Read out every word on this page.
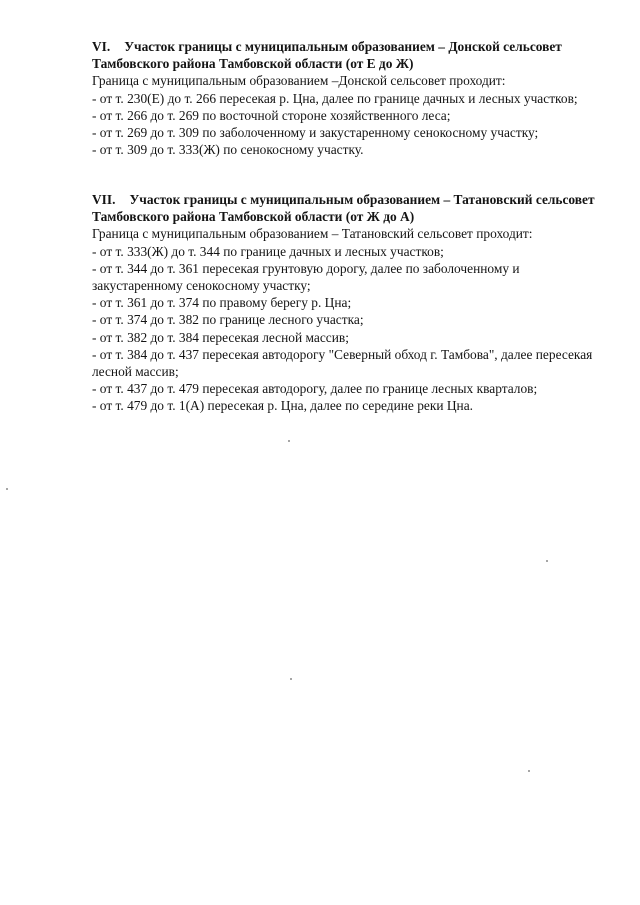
VI. Участок границы с муниципальным образованием – Донской сельсовет Тамбовского района Тамбовской области (от Е до Ж)

Граница с муниципальным образованием –Донской сельсовет проходит:

- от т. 230(Е) до т. 266 пересекая р. Цна, далее по границе дачных и лесных участков;
- от т. 266 до т. 269 по восточной стороне хозяйственного леса;
- от т. 269 до т. 309 по заболоченному и закустаренному сенокосному участку;
- от т. 309 до т. 333(Ж) по сенокосному участку.

VII. Участок границы с муниципальным образованием – Татановский сельсовет Тамбовского района Тамбовской области (от Ж до А)

Граница с муниципальным образованием – Татановский сельсовет проходит:

- от т. 333(Ж) до т. 344 по границе дачных и лесных участков;
- от т. 344 до т. 361 пересекая грунтовую дорогу, далее по заболоченному и закустаренному сенокосному участку;
- от т. 361 до т. 374 по правому берегу р. Цна;
- от т. 374 до т. 382 по границе лесного участка;
- от т. 382 до т. 384 пересекая лесной массив;
- от т. 384 до т. 437 пересекая автодорогу "Северный обход г. Тамбова", далее пересекая лесной массив;
- от т. 437 до т. 479 пересекая автодорогу, далее по границе лесных кварталов;
- от т. 479 до т. 1(А) пересекая р. Цна, далее по середине реки Цна.
